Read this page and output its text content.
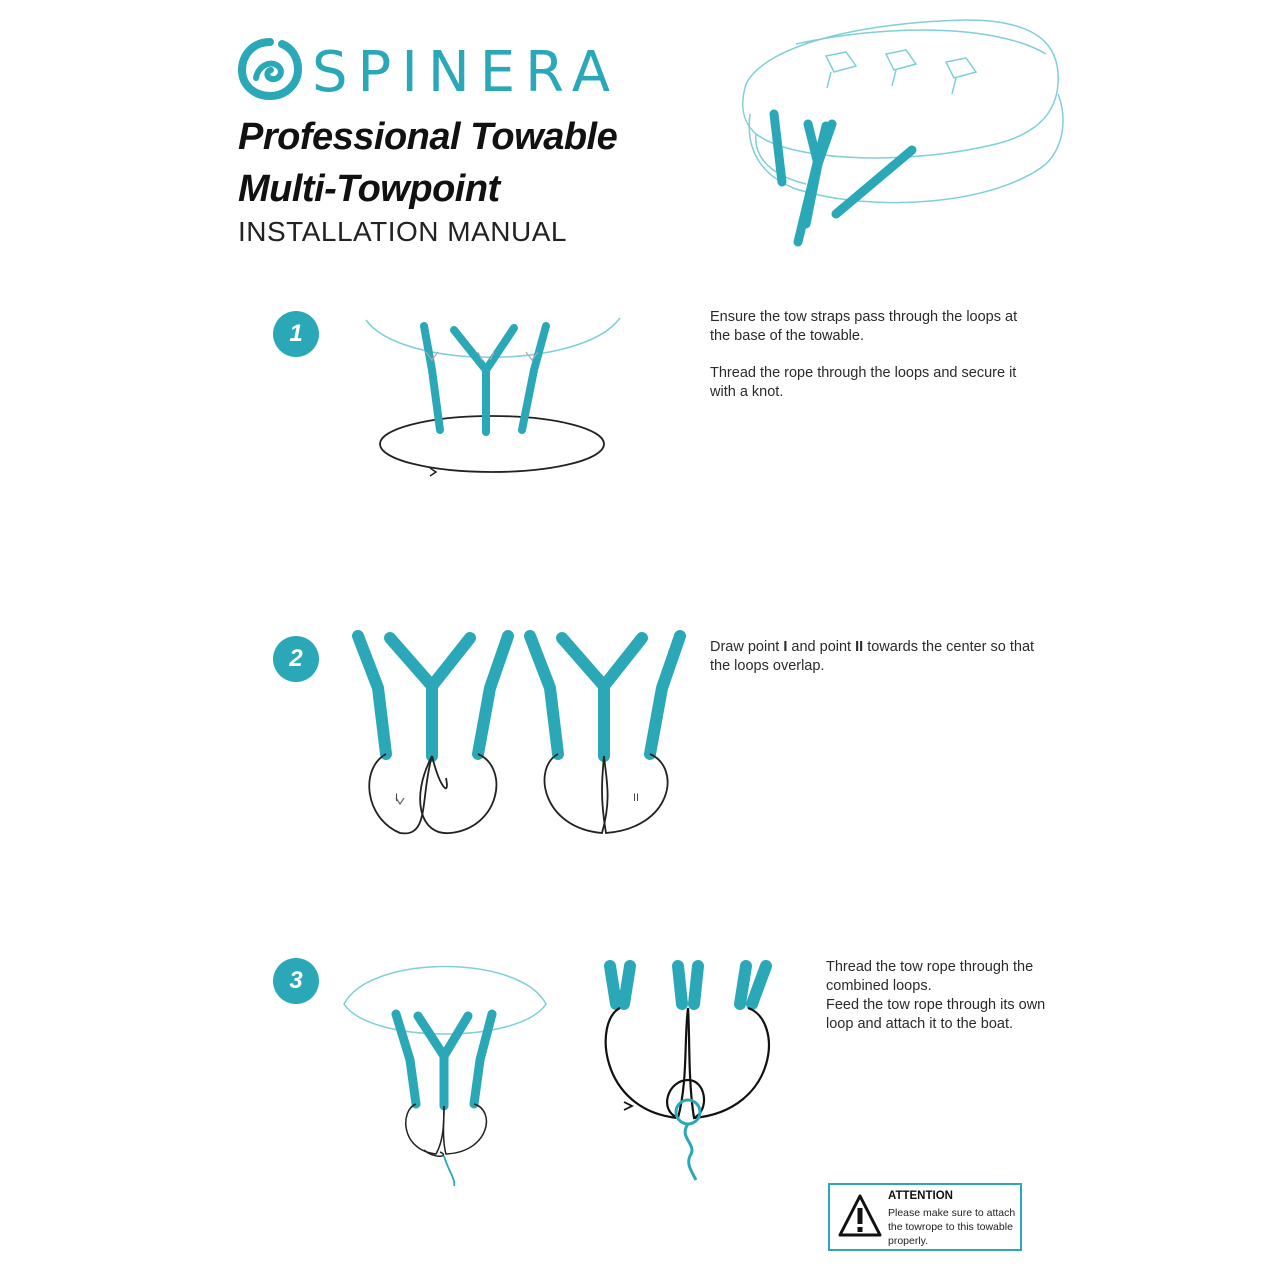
SPINERA
Professional Towable
Multi-Towpoint
INSTALLATION MANUAL
1

Ensure the tow straps pass through the loops at the base of the towable.

Thread the rope through the loops and secure it with a knot.

2
I	II
Draw point I and point II towards the center so that the loops overlap.
3	Thread the tow rope through the combined loops.
Feed the tow rope through its own loop and attach it to the boat.
ATTENTION
Please make sure to attach the towrope to this towable properly.
